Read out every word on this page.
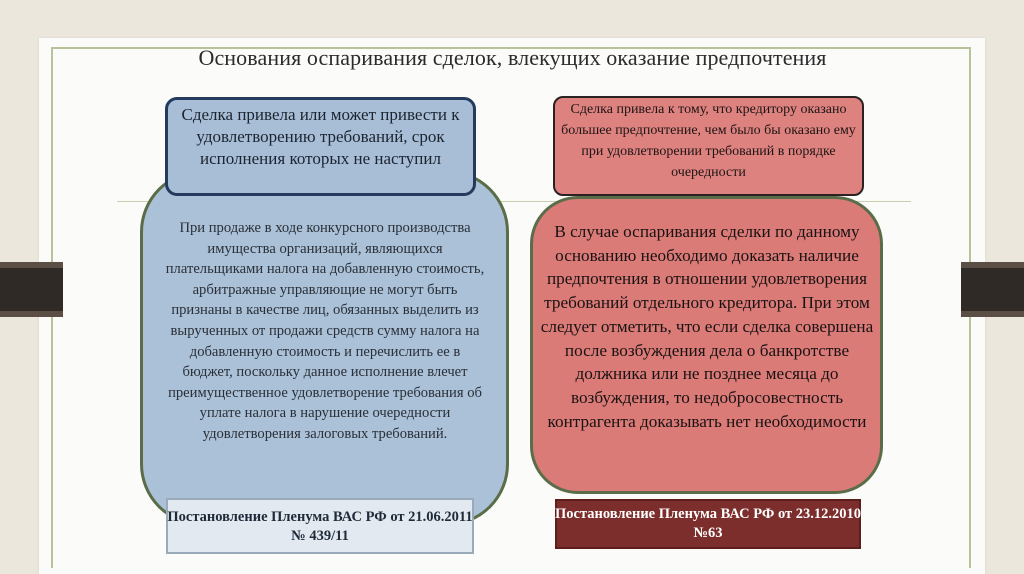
Основания оспаривания сделок, влекущих оказание предпочтения
При продаже в ходе конкурсного производства имущества организаций, являющихся плательщиками налога на добавленную стоимость, арбитражные управляющие не могут быть признаны в качестве лиц, обязанных выделить из вырученных от продажи средств сумму налога на добавленную стоимость и перечислить ее в бюджет, поскольку данное исполнение влечет преимущественное удовлетворение требования об уплате налога в нарушение очередности удовлетворения залоговых требований.
Сделка привела или может привести к удовлетворению требований, срок исполнения которых не наступил
Постановление Пленума ВАС РФ от 21.06.2011 № 439/11
В случае оспаривания сделки по данному основанию необходимо доказать наличие предпочтения в отношении удовлетворения требований отдельного кредитора. При этом следует отметить, что если сделка совершена после возбуждения дела о банкротстве должника или не позднее месяца до возбуждения, то недобросовестность контрагента доказывать нет необходимости
Сделка привела к тому, что кредитору оказано большее предпочтение, чем было бы оказано ему при удовлетворении требований в порядке очередности
Постановление Пленума ВАС РФ от 23.12.2010 №63
